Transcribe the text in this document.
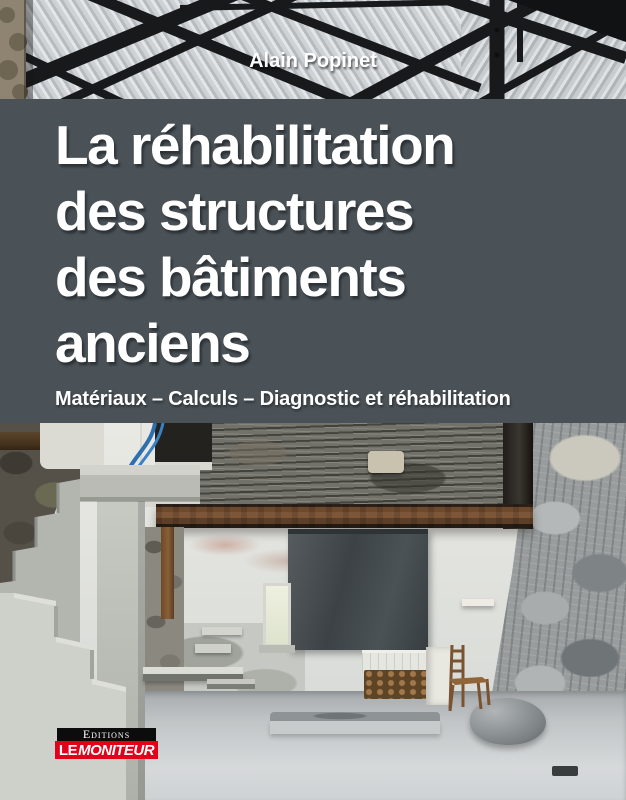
Alain Popinet
La réhabilitation
des structures
des bâtiments
anciens
Matériaux – Calculs – Diagnostic et réhabilitation
Editions
LE MONITEUR
